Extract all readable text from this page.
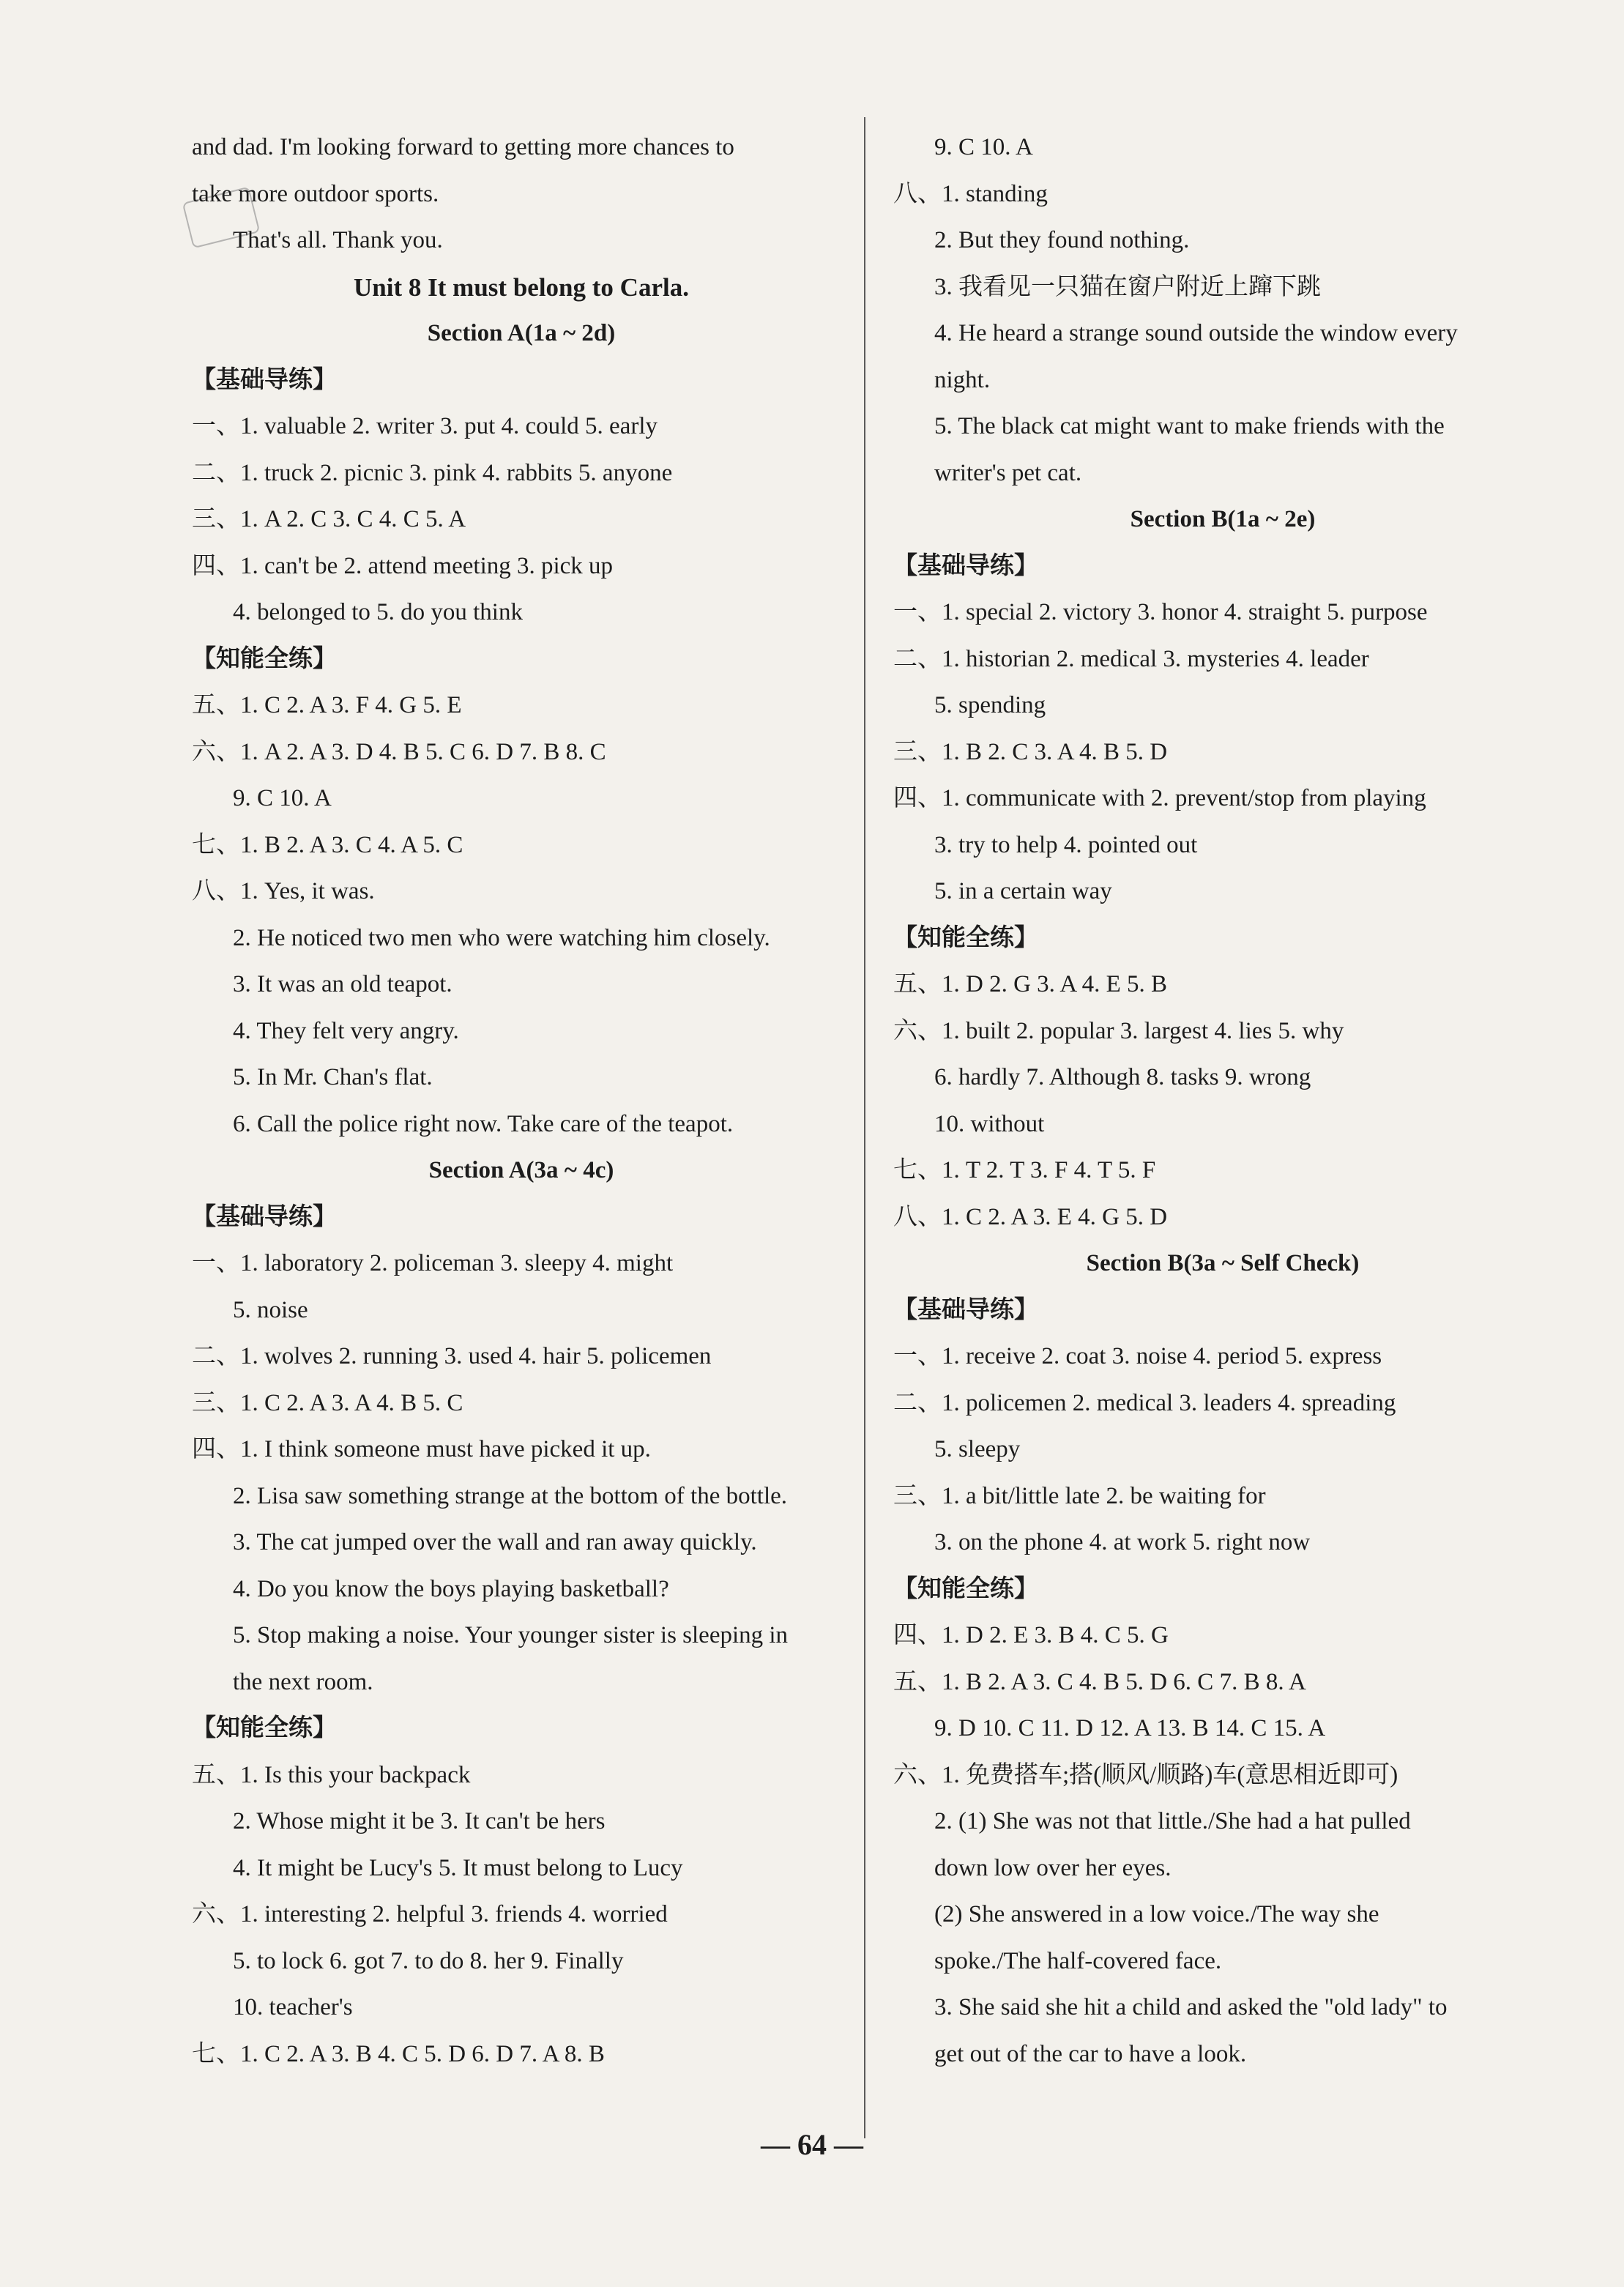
and dad. I'm looking forward to getting more chances to
take more outdoor sports.
That's all. Thank you.
Unit 8 It must belong to Carla.
Section A(1a ~ 2d)
【基础导练】
一、1. valuable 2. writer 3. put 4. could 5. early
二、1. truck 2. picnic 3. pink 4. rabbits 5. anyone
三、1. A 2. C 3. C 4. C 5. A
四、1. can't be 2. attend meeting 3. pick up
4. belonged to 5. do you think
【知能全练】
五、1. C 2. A 3. F 4. G 5. E
六、1. A 2. A 3. D 4. B 5. C 6. D 7. B 8. C
9. C 10. A
七、1. B 2. A 3. C 4. A 5. C
八、1. Yes, it was.
2. He noticed two men who were watching him closely.
3. It was an old teapot.
4. They felt very angry.
5. In Mr. Chan's flat.
6. Call the police right now. Take care of the teapot.
Section A(3a ~ 4c)
【基础导练】
一、1. laboratory 2. policeman 3. sleepy 4. might
5. noise
二、1. wolves 2. running 3. used 4. hair 5. policemen
三、1. C 2. A 3. A 4. B 5. C
四、1. I think someone must have picked it up.
2. Lisa saw something strange at the bottom of the bottle.
3. The cat jumped over the wall and ran away quickly.
4. Do you know the boys playing basketball?
5. Stop making a noise. Your younger sister is sleeping in
the next room.
【知能全练】
五、1. Is this your backpack
2. Whose might it be 3. It can't be hers
4. It might be Lucy's 5. It must belong to Lucy
六、1. interesting 2. helpful 3. friends 4. worried
5. to lock 6. got 7. to do 8. her 9. Finally
10. teacher's
七、1. C 2. A 3. B 4. C 5. D 6. D 7. A 8. B
9. C 10. A
八、1. standing
2. But they found nothing.
3. 我看见一只猫在窗户附近上蹿下跳
4. He heard a strange sound outside the window every
night.
5. The black cat might want to make friends with the
writer's pet cat.
Section B(1a ~ 2e)
【基础导练】
一、1. special 2. victory 3. honor 4. straight 5. purpose
二、1. historian 2. medical 3. mysteries 4. leader
5. spending
三、1. B 2. C 3. A 4. B 5. D
四、1. communicate with 2. prevent/stop from playing
3. try to help 4. pointed out
5. in a certain way
【知能全练】
五、1. D 2. G 3. A 4. E 5. B
六、1. built 2. popular 3. largest 4. lies 5. why
6. hardly 7. Although 8. tasks 9. wrong
10. without
七、1. T 2. T 3. F 4. T 5. F
八、1. C 2. A 3. E 4. G 5. D
Section B(3a ~ Self Check)
【基础导练】
一、1. receive 2. coat 3. noise 4. period 5. express
二、1. policemen 2. medical 3. leaders 4. spreading
5. sleepy
三、1. a bit/little late 2. be waiting for
3. on the phone 4. at work 5. right now
【知能全练】
四、1. D 2. E 3. B 4. C 5. G
五、1. B 2. A 3. C 4. B 5. D 6. C 7. B 8. A
9. D 10. C 11. D 12. A 13. B 14. C 15. A
六、1. 免费搭车;搭(顺风/顺路)车(意思相近即可)
2. (1) She was not that little./She had a hat pulled
down low over her eyes.
(2) She answered in a low voice./The way she
spoke./The half-covered face.
3. She said she hit a child and asked the "old lady" to
get out of the car to have a look.
— 64 —
